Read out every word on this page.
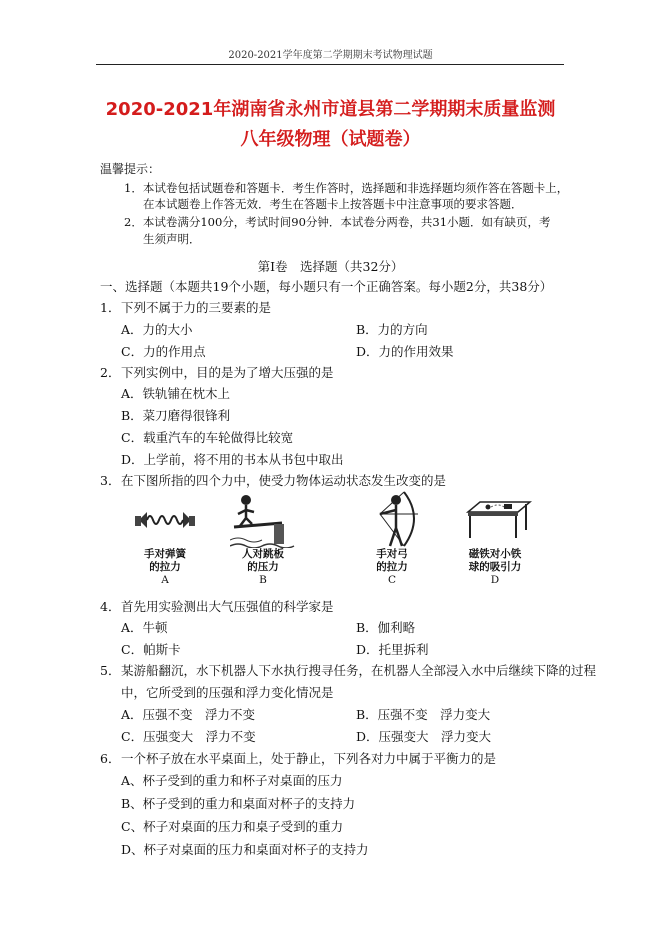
2020-2021学年度第二学期期末考试物理试题
2020-2021年湖南省永州市道县第二学期期末质量监测
八年级物理（试题卷）
温馨提示：
1．本试卷包括试题卷和答题卡．考生作答时，选择题和非选择题均须作答在答题卡上，
在本试题卷上作答无效．考生在答题卡上按答题卡中注意事项的要求答题．
2．本试卷满分100分，考试时间90分钟．本试卷分两卷，共31小题．如有缺页，考
生须声明．
第Ⅰ卷　选择题（共32分）
一、选择题（本题共19个小题，每小题只有一个正确答案。每小题2分，共38分）
1． 下列不属于力的三要素的是
A．力的大小	B．力的方向
C．力的作用点	D．力的作用效果
2． 下列实例中，目的是为了增大压强的是
A．铁轨铺在枕木上
B．菜刀磨得很锋利
C．载重汽车的车轮做得比较宽
D．上学前，将不用的书本从书包中取出
3． 在下图所指的四个力中，使受力物体运动状态发生改变的是
手对弹簧
的拉力
A
人对跳板
的压力
B
手对弓
的拉力
C
磁铁对小铁
球的吸引力
D
4． 首先用实验测出大气压强值的科学家是
A．牛顿	B．伽利略
C．帕斯卡	D．托里拆利
5． 某游船翻沉，水下机器人下水执行搜寻任务，在机器人全部浸入水中后继续下降的过程
中，它所受到的压强和浮力变化情况是
A．压强不变　浮力不变	B．压强不变　浮力变大
C．压强变大　浮力不变	D．压强变大　浮力变大
6． 一个杯子放在水平桌面上，处于静止，下列各对力中属于平衡力的是
A、杯子受到的重力和杯子对桌面的压力
B、杯子受到的重力和桌面对杯子的支持力
C、杯子对桌面的压力和桌子受到的重力
D、杯子对桌面的压力和桌面对杯子的支持力
